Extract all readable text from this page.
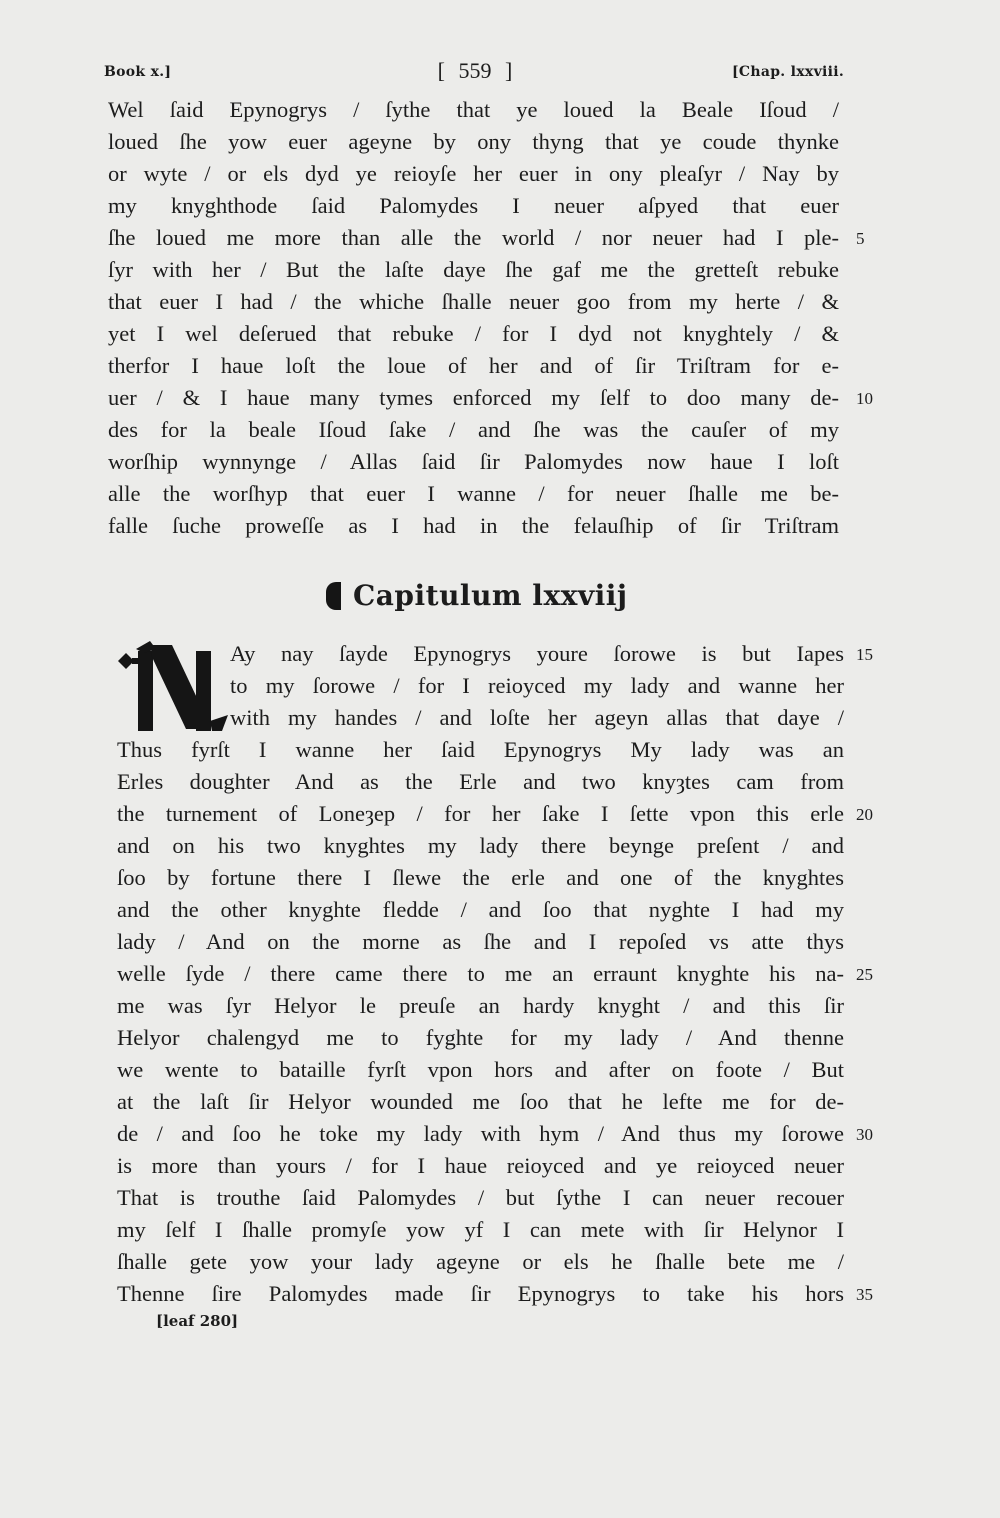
Book x.]	[ 559 ]	[Chap. lxxviii.
Wel ſaid Epynogrys / ſythe that ye loued la Beale Iſoud /
loued ſhe yow euer ageyne by ony thyng that ye coude thynke
or wyte / or els dyd ye reioyſe her euer in ony pleaſyr / Nay by
my knyghthode ſaid Palomydes I neuer aſpyed that euer
ſhe loued me more than alle the world / nor neuer had I ple-
ſyr with her / But the laſte daye ſhe gaf me the gretteſt rebuke
that euer I had / the whiche ſhalle neuer goo from my herte / &
yet I wel deſerued that rebuke / for I dyd not knyghtely / &
therfor I haue loſt the loue of her and of ſir Triſtram for e-
uer / & I haue many tymes enforced my ſelf to doo many de-
des for la beale Iſoud ſake / and ſhe was the cauſer of my
worſhip wynnynge / Allas ſaid ſir Palomydes now haue I loſt
alle the worſhyp that euer I wanne / for neuer ſhalle me be-
falle ſuche proweſſe as I had in the felauſhip of ſir Triſtram
Capitulum lxxviij
Ay nay ſayde Epynogrys youre ſorowe is but Iapes
to my ſorowe / for I reioyced my lady and wanne her
with my handes / and loſte her ageyn allas that daye /
Thus fyrſt I wanne her ſaid Epynogrys My lady was an
Erles doughter And as the Erle and two knyȝtes cam from
the turnement of Loneȝep / for her ſake I ſette vpon this erle
and on his two knyghtes my lady there beynge preſent / and
ſoo by fortune there I ſlewe the erle and one of the knyghtes
and the other knyghte fledde / and ſoo that nyghte I had my
lady / And on the morne as ſhe and I repoſed vs atte thys
welle ſyde / there came there to me an erraunt knyghte his na-
me was ſyr Helyor le preuſe an hardy knyght / and this ſir
Helyor chalengyd me to fyghte for my lady / And thenne
we wente to bataille fyrſt vpon hors and after on foote / But
at the laſt ſir Helyor wounded me ſoo that he lefte me for de-
de / and ſoo he toke my lady with hym / And thus my ſorowe
is more than yours / for I haue reioyced and ye reioyced neuer
That is trouthe ſaid Palomydes / but ſythe I can neuer recouer
my ſelf I ſhalle promyſe yow yf I can mete with ſir Helynor I
ſhalle gete yow your lady ageyne or els he ſhalle bete me /
Thenne ſire Palomydes made ſir Epynogrys to take his hors
5
10
15
20
25
30
35
[leaf 280]
